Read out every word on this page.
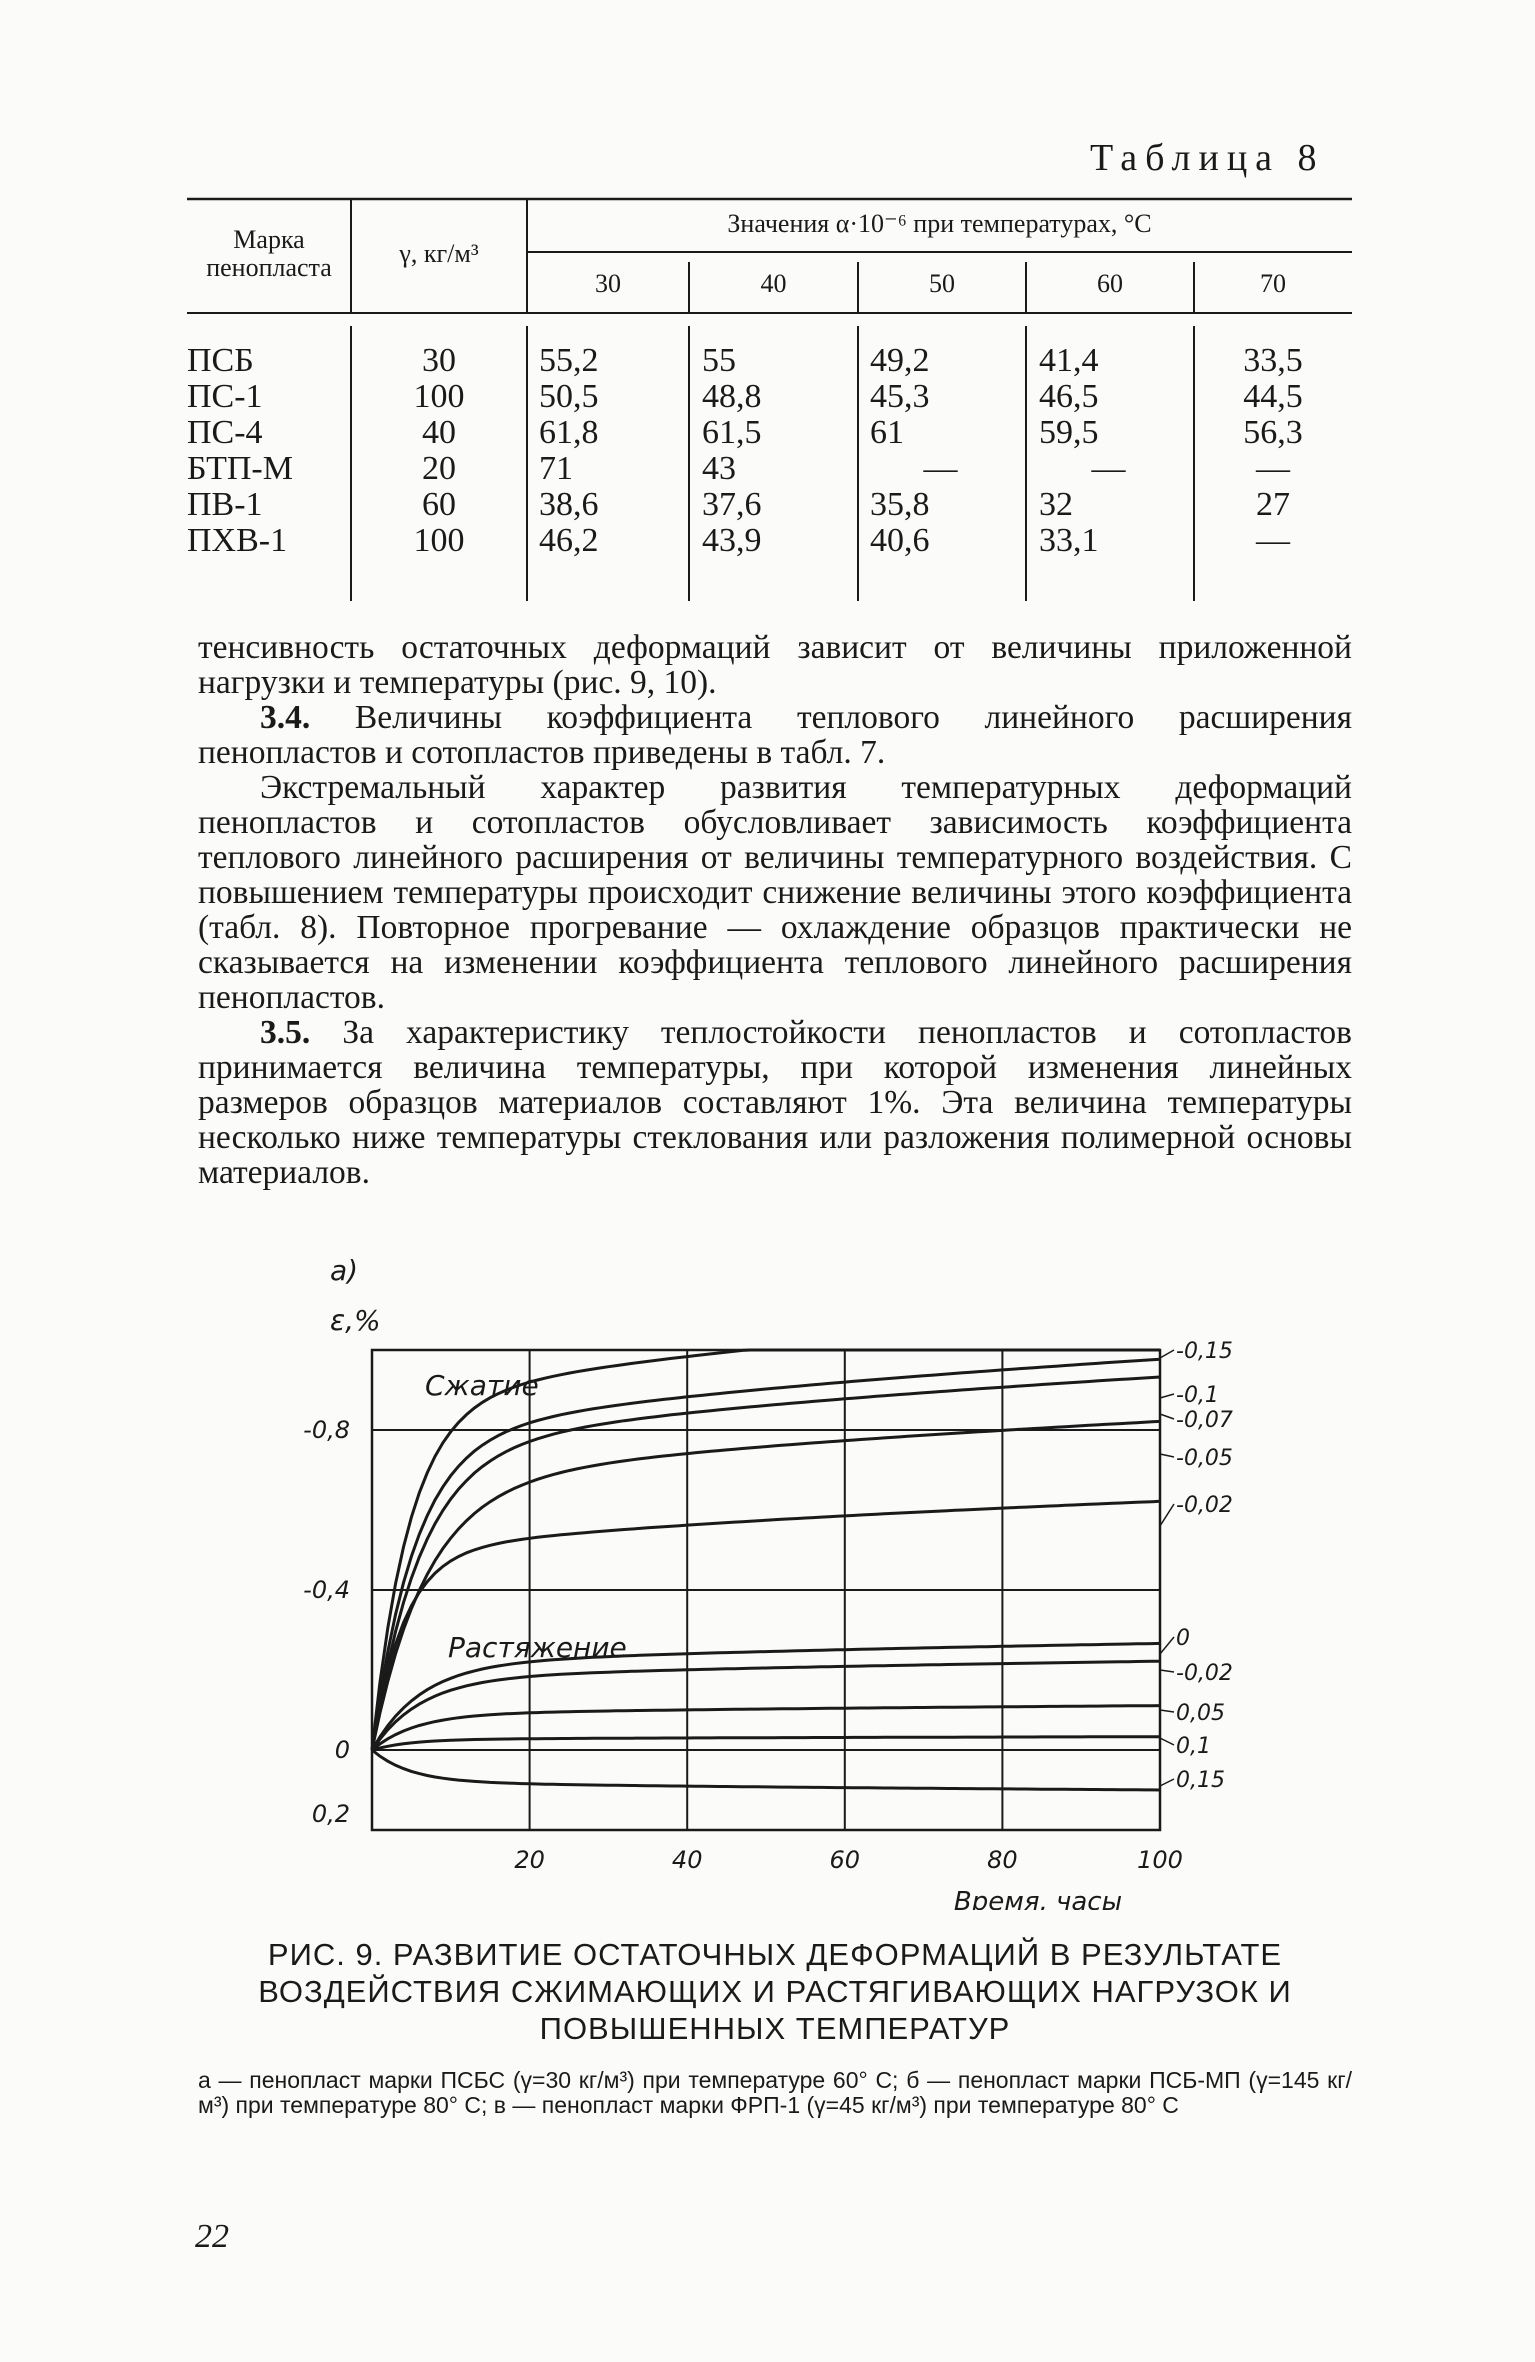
Таблица 8
Марка
пенопласта	γ, кг/м³
Значения α·10⁻⁶ при температурах, °С
30	40	50	60	70
ПСБ	30	55,2	55	49,2	41,4	33,5
ПС-1	100	50,5	48,8	45,3	46,5	44,5
ПС-4	40	61,8	61,5	61	59,5	56,3
БТП-М	20	71	43	—	—	—
ПВ-1	60	38,6	37,6	35,8	32	27
ПХВ-1	100	46,2	43,9	40,6	33,1	—

тенсивность остаточных деформаций зависит от величины приложенной нагрузки и температуры (рис. 9, 10).

3.4. Величины коэффициента теплового линейного расширения пенопластов и сотопластов приведены в табл. 7.

Экстремальный характер развития температурных деформаций пенопластов и сотопластов обусловливает зависимость коэффициента теплового линейного расширения от величины температурного воздействия. С повышением температуры происходит снижение величины этого коэффициента (табл. 8). Повторное прогревание — охлаждение образцов практически не сказывается на изменении коэффициента теплового линейного расширения пенопластов.

3.5. За характеристику теплостойкости пенопластов и сотопластов принимается величина температуры, при которой изменения линейных размеров образцов материалов составляют 1%. Эта величина температуры несколько ниже температуры стеклования или разложения полимерной основы материалов.

-0,8
-0,4
0
0,2
20	40	60	80	100
а)
ε,%
Время, часы
Сжатие
Растяжение
-0,15
-0,1
-0,07
-0,05
-0,02
0
-0,02
0,05
0,1
0,15
РИС. 9. РАЗВИТИЕ ОСТАТОЧНЫХ ДЕФОРМАЦИЙ В РЕЗУЛЬТАТЕ ВОЗДЕЙСТВИЯ СЖИМАЮЩИХ И РАСТЯГИВАЮЩИХ НАГРУЗОК И ПОВЫШЕННЫХ ТЕМПЕРАТУР
а — пенопласт марки ПСБС (γ=30 кг/м³) при температуре 60° С; б — пенопласт марки ПСБ-МП (γ=145 кг/м³) при температуре 80° С; в — пенопласт марки ФРП-1 (γ=45 кг/м³) при температуре 80° С
22
